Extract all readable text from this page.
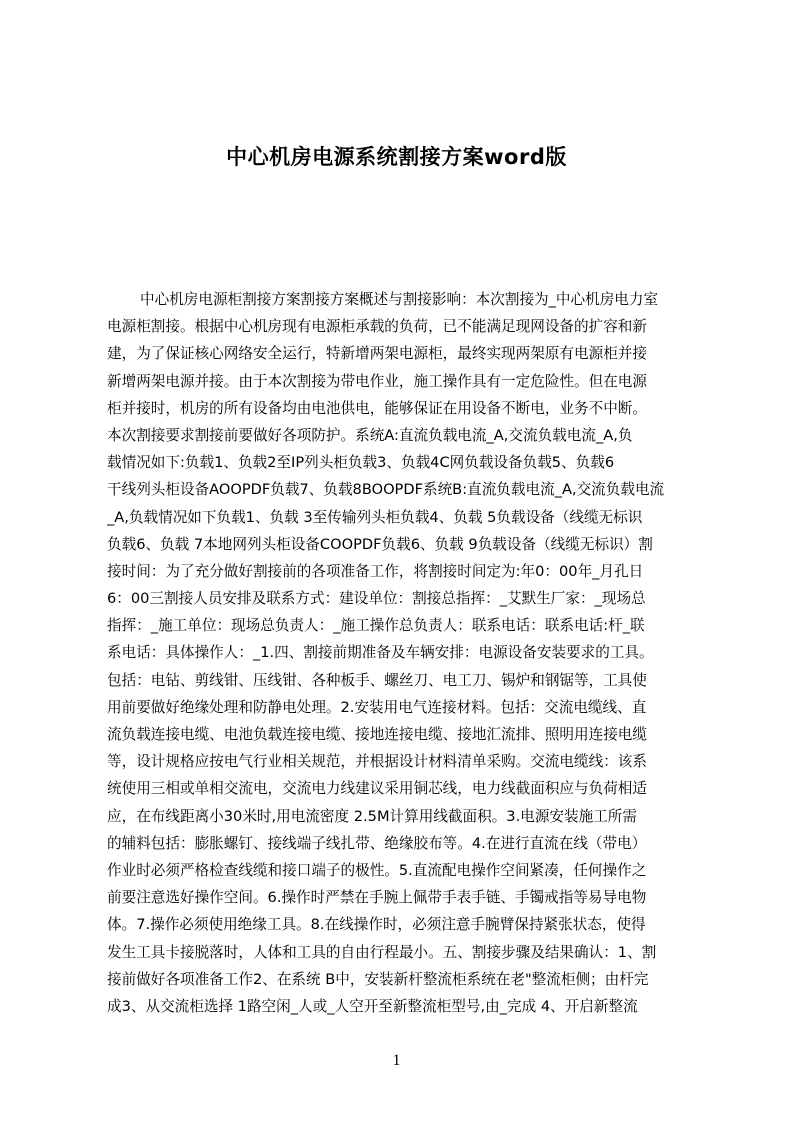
中心机房电源系统割接方案word版
中心机房电源柜割接方案割接方案概述与割接影响：本次割接为_中心机房电力室
电源柜割接。根据中心机房现有电源柜承载的负荷，已不能满足现网设备的扩容和新
建，为了保证核心网络安全运行，特新增两架电源柜，最终实现两架原有电源柜并接
新增两架电源并接。由于本次割接为带电作业，施工操作具有一定危险性。但在电源
柜并接时，机房的所有设备均由电池供电，能够保证在用设备不断电，业务不中断。
本次割接要求割接前要做好各项防护。系统A:直流负载电流_A,交流负载电流_A,负
载情况如下:负载1、负载2至IP列头柜负载3、负载4C网负载设备负载5、负载6
干线列头柜设备AOOPDF负载7、负载8BOOPDF系统B:直流负载电流_A,交流负载电流
_A,负载情况如下负载1、负载 3至传输列头柜负载4、负载 5负载设备（线缆无标识
负载6、负载 7本地网列头柜设备COOPDF负载6、负载 9负载设备（线缆无标识）割
接时间：为了充分做好割接前的各项准备工作，将割接时间定为:年0：00年_月孔日
6：00三割接人员安排及联系方式：建设单位：割接总指挥：_艾默生厂家：_现场总
指挥：_施工单位：现场总负责人：_施工操作总负责人：联系电话：联系电话:杆_联
系电话：具体操作人：_1.四、割接前期准备及车辆安排：电源设备安装要求的工具。
包括：电钻、剪线钳、压线钳、各种板手、螺丝刀、电工刀、锡炉和钢锯等，工具使
用前要做好绝缘处理和防静电处理。2.安装用电气连接材料。包括：交流电缆线、直
流负载连接电缆、电池负载连接电缆、接地连接电缆、接地汇流排、照明用连接电缆
等，设计规格应按电气行业相关规范，并根据设计材料清单采购。交流电缆线：该系
统使用三相或单相交流电，交流电力线建议采用铜芯线，电力线截面积应与负荷相适
应，在布线距离小30米时,用电流密度 2.5M计算用线截面积。3.电源安装施工所需
的辅料包括：膨胀螺钉、接线端子线扎带、绝缘胶布等。4.在进行直流在线（带电）
作业时必须严格检查线缆和接口端子的极性。5.直流配电操作空间紧凑，任何操作之
前要注意选好操作空间。6.操作时严禁在手腕上佩带手表手链、手镯戒指等易导电物
体。7.操作必须使用绝缘工具。8.在线操作时，必须注意手腕臂保持紧张状态，使得
发生工具卡接脱落时，人体和工具的自由行程最小。五、割接步骤及结果确认：1、割
接前做好各项准备工作2、在系统 B中，安装新杆整流柜系统在老"整流柜侧；由杆完
成3、从交流柜选择 1路空闲_人或_人空开至新整流柜型号,由_完成 4、开启新整流
1
